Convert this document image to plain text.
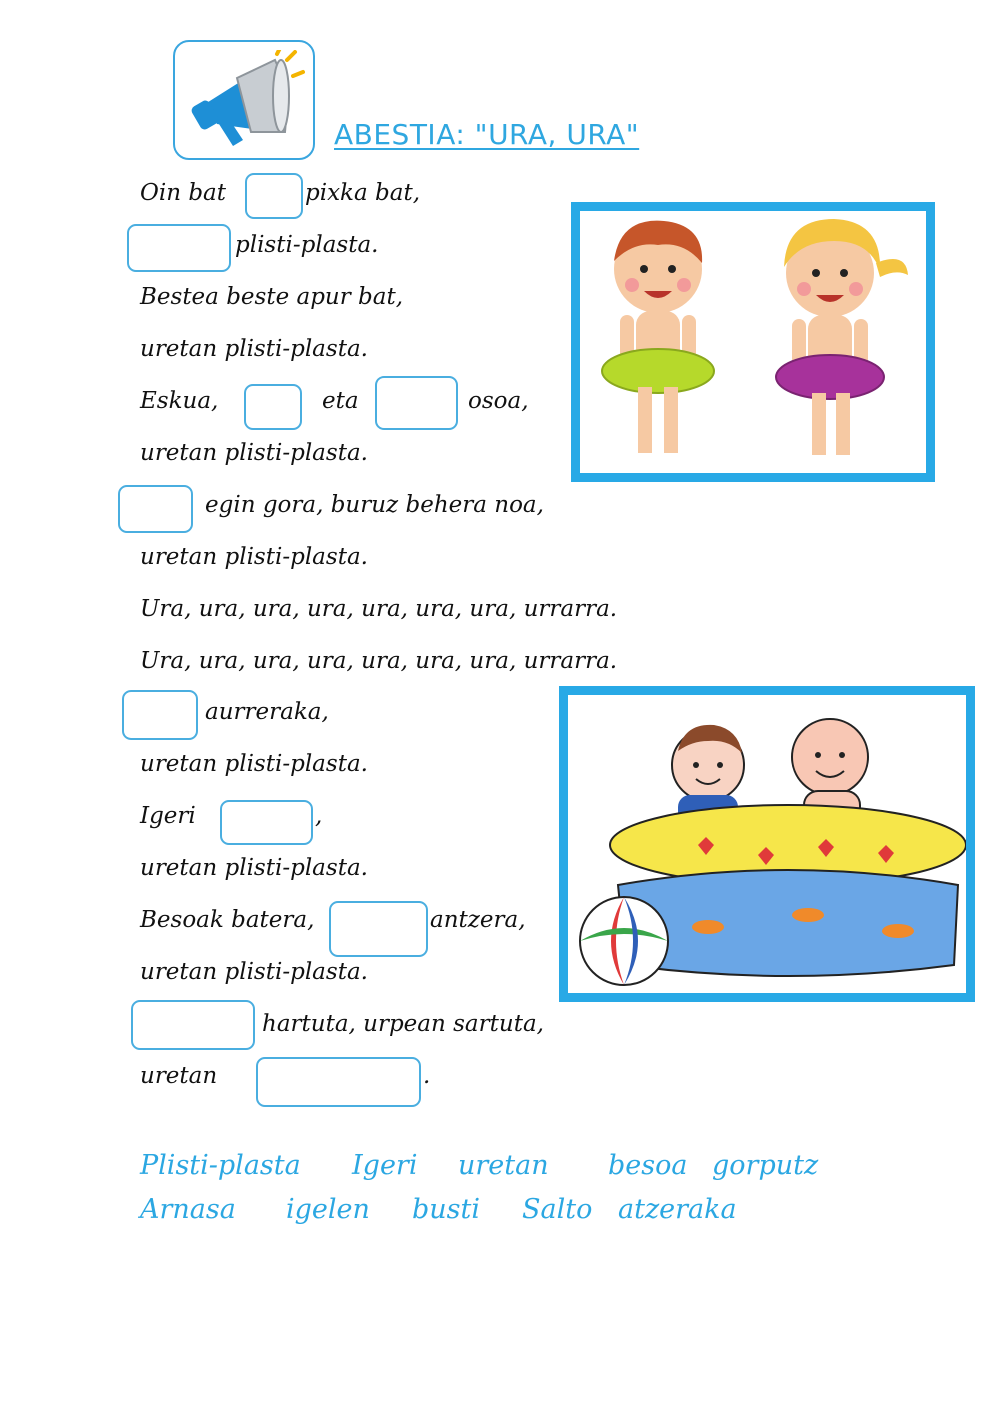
ABESTIA: "URA, URA"
Oin bat	pixka bat,
plisti-plasta.
Bestea beste apur bat,
uretan plisti-plasta.
Eskua,	eta	osoa,
uretan plisti-plasta.
egin gora, buruz behera noa,
uretan plisti-plasta.
Ura, ura, ura, ura, ura, ura, ura, urrarra.
Ura, ura, ura, ura, ura, ura, ura, urrarra.
aurreraka,
uretan plisti-plasta.
Igeri	,
uretan plisti-plasta.
Besoak batera,	antzera,
uretan plisti-plasta.
hartuta, urpean sartuta,
uretan	.
Plisti-plasta Igeri uretan besoa gorputz
Arnasa igelen busti Salto atzeraka
